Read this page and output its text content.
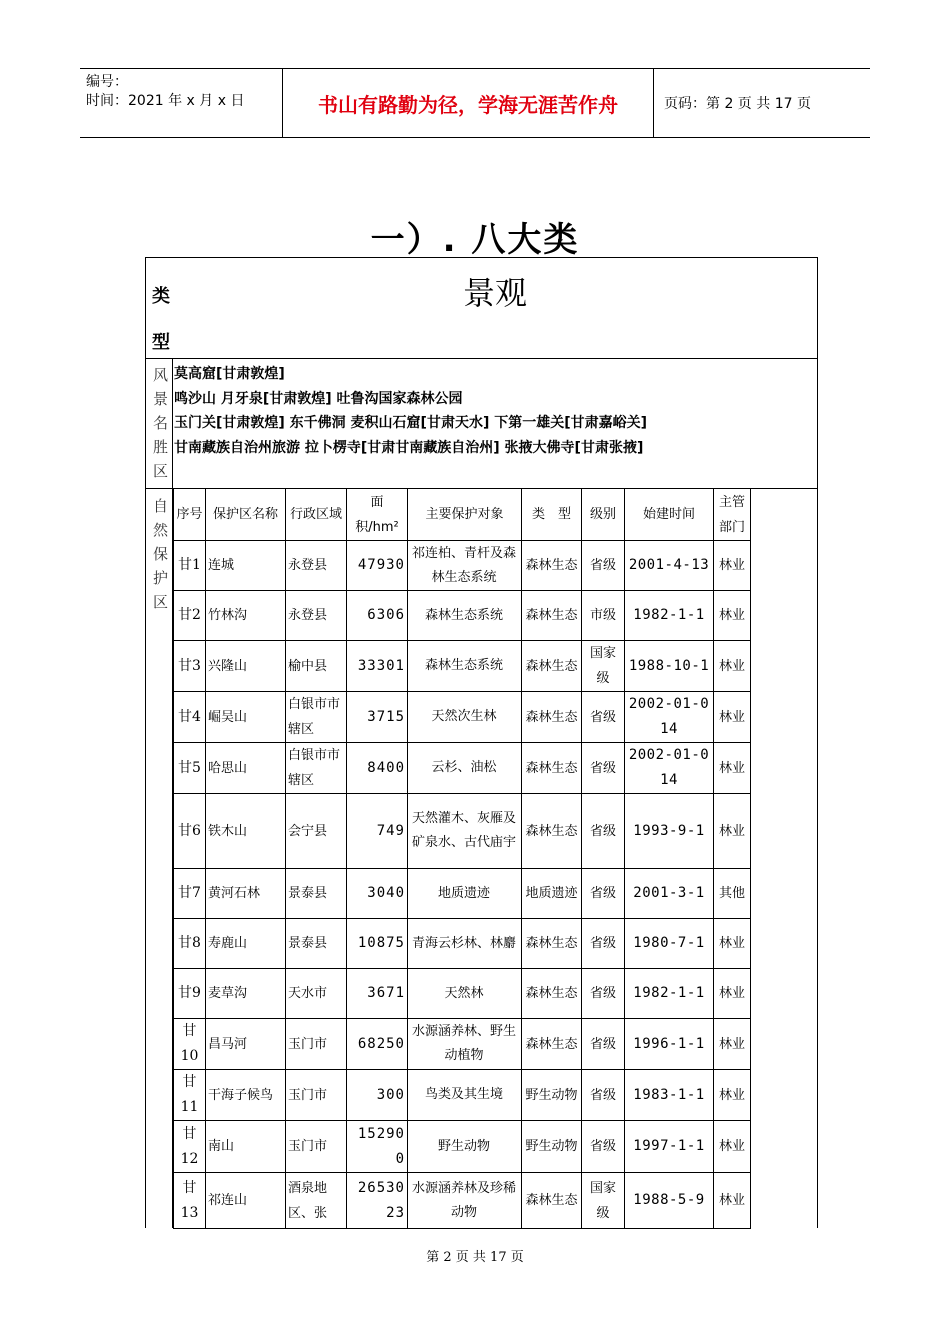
编号：
时间：2021 年 x 月 x 日	书山有路勤为径，学海无涯苦作舟	页码：第 2 页 共 17 页
一）. 八大类
类型
景观
风景名胜区
莫高窟[甘肃敦煌]
鸣沙山 月牙泉[甘肃敦煌] 吐鲁沟国家森林公园
玉门关[甘肃敦煌] 东千佛洞 麦积山石窟[甘肃天水] 下第一雄关[甘肃嘉峪关]
甘南藏族自治州旅游 拉卜楞寺[甘肃甘南藏族自治州] 张掖大佛寺[甘肃张掖]
自然保护区
序号	保护区名称	行政区域	面积/hm²	主要保护对象	类　型	级别	始建时间	主管部门
甘1	连城	永登县	47930	祁连柏、青杆及森林生态系统	森林生态	省级	2001-4-13	林业
甘2	竹林沟	永登县	6306	森林生态系统	森林生态	市级	1982-1-1	林业
甘3	兴隆山	榆中县	33301	森林生态系统	森林生态	国家级	1988-10-1	林业
甘4	崛吴山	白银市市辖区	3715	天然次生林	森林生态	省级	2002-01-014	林业
甘5	哈思山	白银市市辖区	8400	云杉、油松	森林生态	省级	2002-01-014	林业
甘6	铁木山	会宁县	749	天然灌木、灰雁及矿泉水、古代庙宇	森林生态	省级	1993-9-1	林业
甘7	黄河石林	景泰县	3040	地质遗迹	地质遗迹	省级	2001-3-1	其他
甘8	寿鹿山	景泰县	10875	青海云杉林、林麝	森林生态	省级	1980-7-1	林业
甘9	麦草沟	天水市	3671	天然林	森林生态	省级	1982-1-1	林业
甘10	昌马河	玉门市	68250	水源涵养林、野生动植物	森林生态	省级	1996-1-1	林业
甘11	干海子候鸟	玉门市	300	鸟类及其生境	野生动物	省级	1983-1-1	林业
甘12	南山	玉门市	152900	野生动物	野生动物	省级	1997-1-1	林业
甘13	祁连山	酒泉地区、张	2653023	水源涵养林及珍稀动物	森林生态	国家级	1988-5-9	林业
第 2 页 共 17 页
